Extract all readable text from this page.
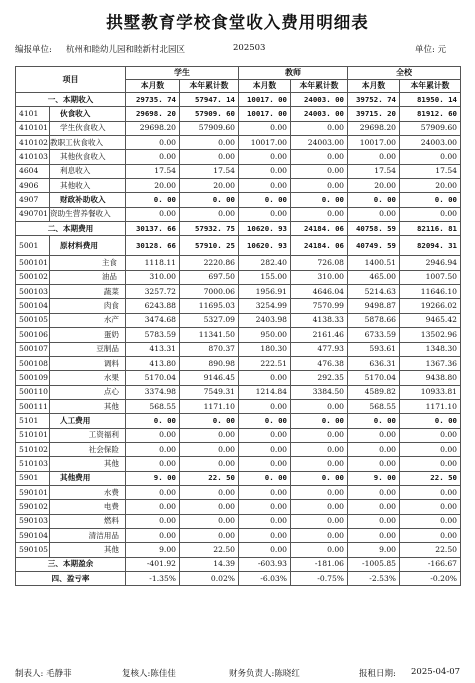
拱墅教育学校食堂收入费用明细表
编报单位: 杭州和睦幼儿园和睦新村北园区	202503	单位: 元
项目		学生		教师		全校	
		本月数	本年累计数	本月数	本年累计数	本月数	本年累计数
一、本期收入		29735. 74	57947. 14	10017. 00	24003. 00	39752. 74	81950. 14
4101	伙食收入	29698. 20	57909. 60	10017. 00	24003. 00	39715. 20	81912. 60
410101	学生伙食收入	29698.20	57909.60	0.00	0.00	29698.20	57909.60
410102	教职工伙食收入	0.00	0.00	10017.00	24003.00	10017.00	24003.00
410103	其他伙食收入	0.00	0.00	0.00	0.00	0.00	0.00
4604	利息收入	17.54	17.54	0.00	0.00	17.54	17.54
4906	其他收入	20.00	20.00	0.00	0.00	20.00	20.00
4907	财政补助收入	0. 00	0. 00	0. 00	0. 00	0. 00	0. 00
490701	资助生营养餐收入	0.00	0.00	0.00	0.00	0.00	0.00
二、本期费用		30137. 66	57932. 75	10620. 93	24184. 06	40758. 59	82116. 81
5001	原材料费用	30128. 66	57910. 25	10620. 93	24184. 06	40749. 59	82094. 31
500101	主食	1118.11	2220.86	282.40	726.08	1400.51	2946.94
500102	油品	310.00	697.50	155.00	310.00	465.00	1007.50
500103	蔬菜	3257.72	7000.06	1956.91	4646.04	5214.63	11646.10
500104	肉食	6243.88	11695.03	3254.99	7570.99	9498.87	19266.02
500105	水产	3474.68	5327.09	2403.98	4138.33	5878.66	9465.42
500106	蛋奶	5783.59	11341.50	950.00	2161.46	6733.59	13502.96
500107	豆制品	413.31	870.37	180.30	477.93	593.61	1348.30
500108	调料	413.80	890.98	222.51	476.38	636.31	1367.36
500109	水果	5170.04	9146.45	0.00	292.35	5170.04	9438.80
500110	点心	3374.98	7549.31	1214.84	3384.50	4589.82	10933.81
500111	其他	568.55	1171.10	0.00	0.00	568.55	1171.10
5101	人工费用	0. 00	0. 00	0. 00	0. 00	0. 00	0. 00
510101	工资福利	0.00	0.00	0.00	0.00	0.00	0.00
510102	社会保险	0.00	0.00	0.00	0.00	0.00	0.00
510103	其他	0.00	0.00	0.00	0.00	0.00	0.00
5901	其他费用	9. 00	22. 50	0. 00	0. 00	9. 00	22. 50
590101	水费	0.00	0.00	0.00	0.00	0.00	0.00
590102	电费	0.00	0.00	0.00	0.00	0.00	0.00
590103	燃料	0.00	0.00	0.00	0.00	0.00	0.00
590104	清洁用品	0.00	0.00	0.00	0.00	0.00	0.00
590105	其他	9.00	22.50	0.00	0.00	9.00	22.50
三、本期盈余		-401.92	14.39	-603.93	-181.06	-1005.85	-166.67
四、盈亏率		-1.35%	0.02%	-6.03%	-0.75%	-2.53%	-0.20%
制表人: 毛静菲	复核人:陈佳佳	财务负责人:陈晓红	报租日期: 2025-04-07
